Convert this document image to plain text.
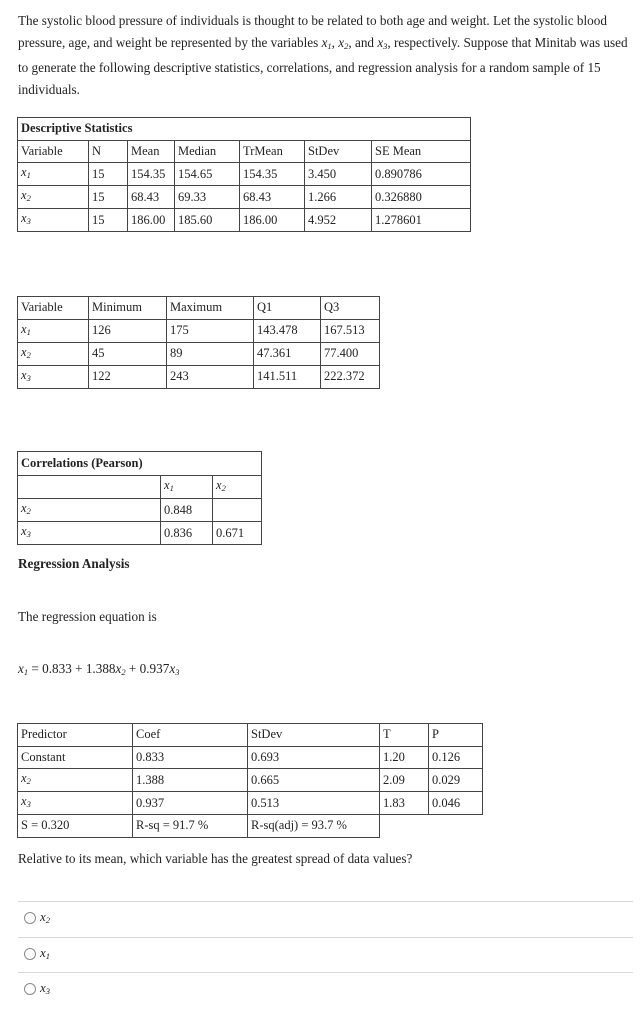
The systolic blood pressure of individuals is thought to be related to both age and weight. Let the systolic blood pressure, age, and weight be represented by the variables $x_1$, $x_2$, and $x_3$, respectively. Suppose that Minitab was used to generate the following descriptive statistics, correlations, and regression analysis for a random sample of 15 individuals.
Descriptive Statistics						
Variable	N	Mean	Median	TrMean	StDev	SE Mean
$x_1$	15	154.35	154.65	154.35	3.450	0.890786
$x_2$	15	68.43	69.33	68.43	1.266	0.326880
$x_3$	15	186.00	185.60	186.00	4.952	1.278601
Variable	Minimum	Maximum	Q1	Q3
$x_1$	126	175	143.478	167.513
$x_2$	45	89	47.361	77.400
$x_3$	122	243	141.511	222.372
Correlations (Pearson)		
	$x_1$	$x_2$
$x_2$	0.848	
$x_3$	0.836	0.671
Regression Analysis
The regression equation is
$x_1 = 0.833 + 1.388x_2 + 0.937x_3$
Predictor	Coef	StDev	T	P
Constant	0.833	0.693	1.20	0.126
$x_2$	1.388	0.665	2.09	0.029
$x_3$	0.937	0.513	1.83	0.046
S = 0.320	R-sq = 91.7 %	R-sq(adj) = 93.7 %		
Relative to its mean, which variable has the greatest spread of data values?
$x_2$
$x_1$
$x_3$
